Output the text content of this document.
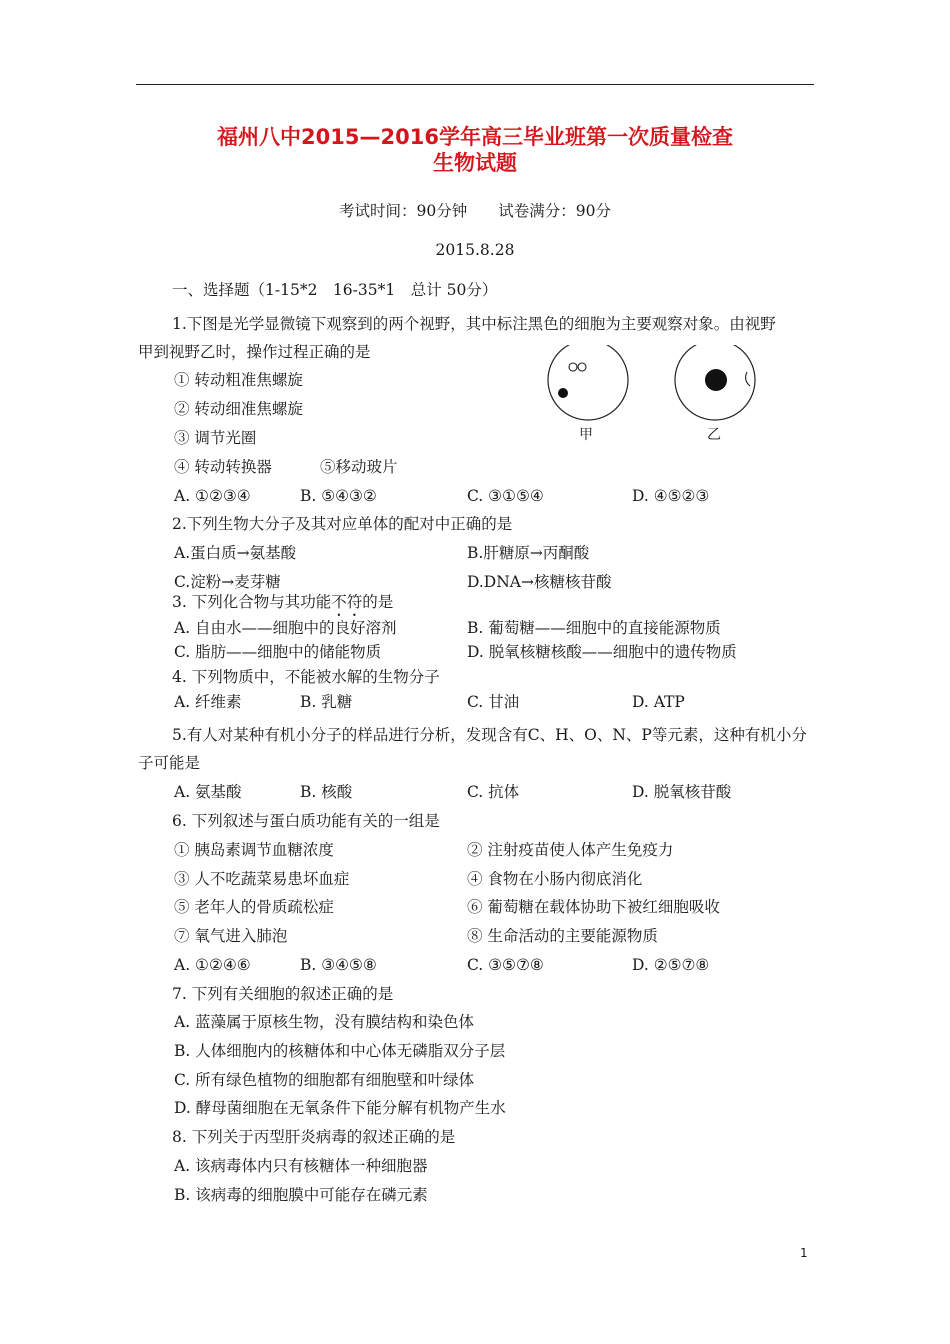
福州八中2015—2016学年高三毕业班第一次质量检查
生物试题
考试时间：90分钟　　试卷满分：90分
2015.8.28
一、选择题（1-15*2　16-35*1　总计 50分）
1.下图是光学显微镜下观察到的两个视野，其中标注黑色的细胞为主要观察对象。由视野
甲到视野乙时，操作过程正确的是
① 转动粗准焦螺旋
② 转动细准焦螺旋
③ 调节光圈
④ 转动转换器	⑤移动玻片
A. ①②③④	B. ⑤④③②	C. ③①⑤④	D. ④⑤②③
甲	乙
2.下列生物大分子及其对应单体的配对中正确的是
A.蛋白质→氨基酸	B.肝糖原→丙酮酸
C.淀粉→麦芽糖	D.DNA→核糖核苷酸
3. 下列化合物与其功能不符的是
A. 自由水——细胞中的良好溶剂	B. 葡萄糖——细胞中的直接能源物质
C. 脂肪——细胞中的储能物质	D. 脱氧核糖核酸——细胞中的遗传物质
4. 下列物质中，不能被水解的生物分子
A. 纤维素	B. 乳糖	C. 甘油	D. ATP
5.有人对某种有机小分子的样品进行分析，发现含有C、H、O、N、P等元素，这种有机小分
子可能是
A. 氨基酸	B. 核酸	C. 抗体	D. 脱氧核苷酸
6. 下列叙述与蛋白质功能有关的一组是
① 胰岛素调节血糖浓度	② 注射疫苗使人体产生免疫力
③ 人不吃蔬菜易患坏血症	④ 食物在小肠内彻底消化
⑤ 老年人的骨质疏松症	⑥ 葡萄糖在载体协助下被红细胞吸收
⑦ 氧气进入肺泡	⑧ 生命活动的主要能源物质
A. ①②④⑥	B. ③④⑤⑧	C. ③⑤⑦⑧	D. ②⑤⑦⑧
7. 下列有关细胞的叙述正确的是
A. 蓝藻属于原核生物，没有膜结构和染色体
B. 人体细胞内的核糖体和中心体无磷脂双分子层
C. 所有绿色植物的细胞都有细胞壁和叶绿体
D. 酵母菌细胞在无氧条件下能分解有机物产生水
8. 下列关于丙型肝炎病毒的叙述正确的是
A. 该病毒体内只有核糖体一种细胞器
B. 该病毒的细胞膜中可能存在磷元素
1
